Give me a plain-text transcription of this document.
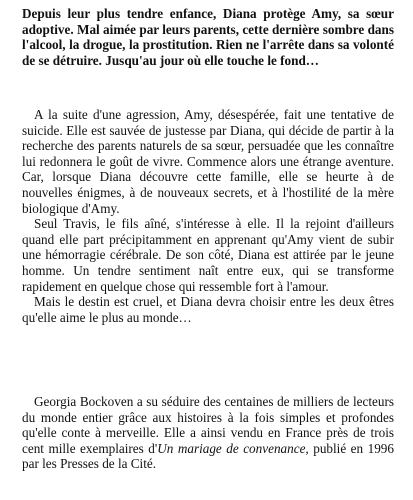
Depuis leur plus tendre enfance, Diana protège Amy, sa sœur adoptive. Mal aimée par leurs parents, cette dernière sombre dans l'alcool, la drogue, la prostitution. Rien ne l'arrête dans sa volonté de se détruire. Jusqu'au jour où elle touche le fond…

A la suite d'une agression, Amy, désespérée, fait une tentative de suicide. Elle est sauvée de justesse par Diana, qui décide de partir à la recherche des parents naturels de sa sœur, persuadée que les connaître lui redonnera le goût de vivre. Commence alors une étrange aventure. Car, lorsque Diana découvre cette famille, elle se heurte à de nouvelles énigmes, à de nouveaux secrets, et à l'hostilité de la mère biologique d'Amy.

Seul Travis, le fils aîné, s'intéresse à elle. Il la rejoint d'ailleurs quand elle part précipitamment en apprenant qu'Amy vient de subir une hémorragie cérébrale. De son côté, Diana est attirée par le jeune homme. Un tendre sentiment naît entre eux, qui se transforme rapidement en quelque chose qui ressemble fort à l'amour.

Mais le destin est cruel, et Diana devra choisir entre les deux êtres qu'elle aime le plus au monde…

Georgia Bockoven a su séduire des centaines de milliers de lecteurs du monde entier grâce aux histoires à la fois simples et profondes qu'elle conte à merveille. Elle a ainsi vendu en France près de trois cent mille exemplaires d'Un mariage de convenance, publié en 1996 par les Presses de la Cité.
